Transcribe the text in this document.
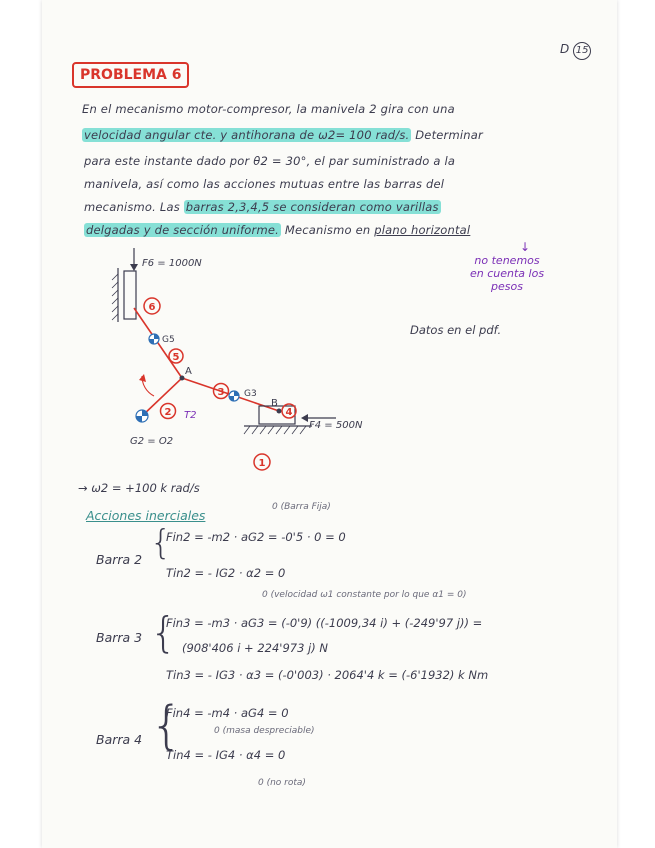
D 15
PROBLEMA 6
En el mecanismo motor-compresor, la manivela 2 gira con una
velocidad angular cte. y antihorana de ω2= 100 rad/s. Determinar
para este instante dado por θ2 = 30°, el par suministrado a la
manivela, así como las acciones mutuas entre las barras del
mecanismo. Las barras 2,3,4,5 se consideran como varillas
delgadas y de sección uniforme. Mecanismo en plano horizontal
↓
no tenemos
en cuenta los
pesos
Datos en el pdf.
F6 = 1000N
F4 = 500N
A
B
G5
G3
G2 = O2
T2
6
5
3
2	4
1
→ ω2 = +100 k rad/s
Acciones inerciales
0 (Barra Fija)
Barra 2 {
Fin2 = -m2 · aG2 = -0'5 · 0 = 0
Tin2 = - IG2 · α2 = 0
0 (velocidad ω1 constante por lo que α1 = 0)
Barra 3 {
Fin3 = -m3 · aG3 = (-0'9) ((-1009,34 i) + (-249'97 j)) =
(908'406 i + 224'973 j) N
Tin3 = - IG3 · α3 = (-0'003) · 2064'4 k = (-6'1932) k Nm
Barra 4 {
Fin4 = -m4 · aG4 = 0
0 (masa despreciable)
Tin4 = - IG4 · α4 = 0
0 (no rota)
